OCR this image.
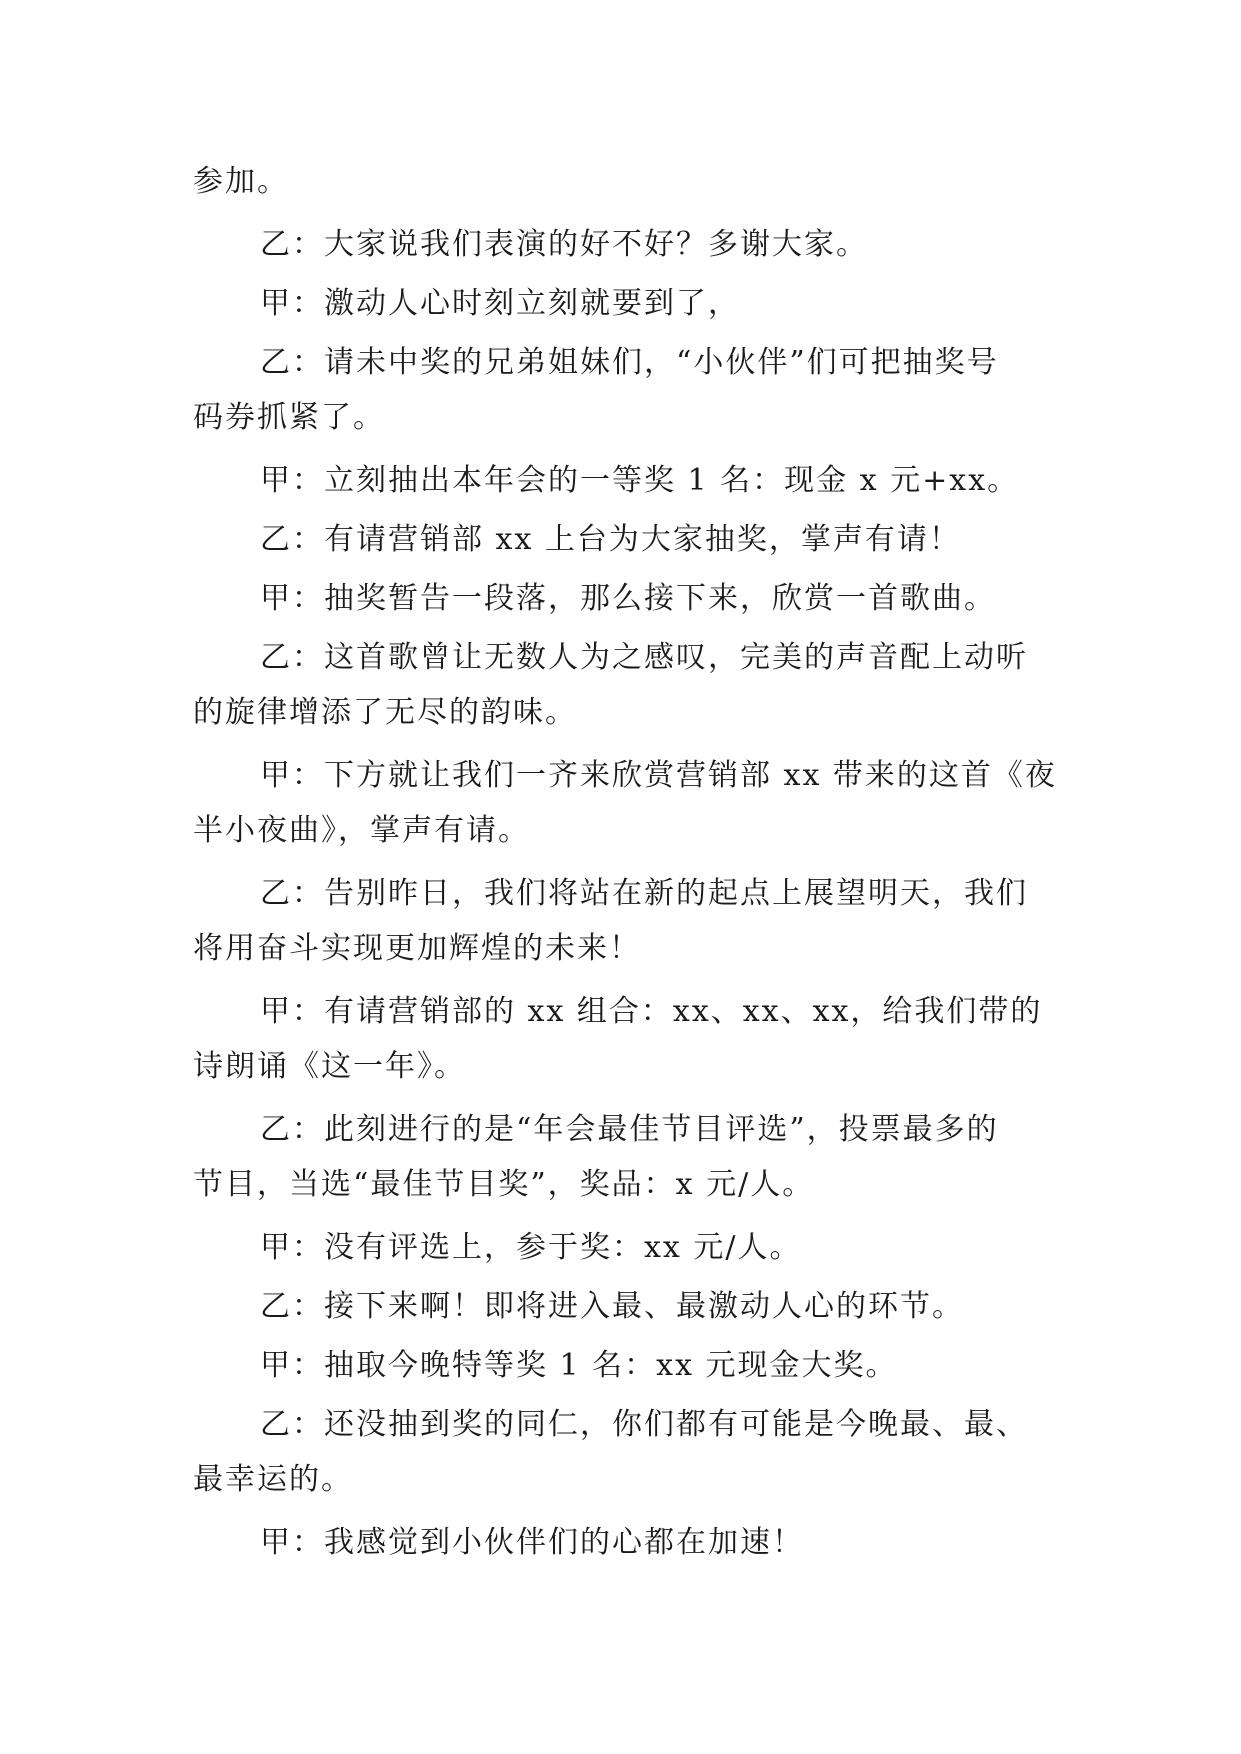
参加。
乙：大家说我们表演的好不好？多谢大家。
甲：激动人心时刻立刻就要到了，
乙：请未中奖的兄弟姐妹们，“小伙伴”们可把抽奖号
码券抓紧了。
甲：立刻抽出本年会的一等奖 1 名：现金 x 元+xx。
乙：有请营销部 xx 上台为大家抽奖，掌声有请！
甲：抽奖暂告一段落，那么接下来，欣赏一首歌曲。
乙：这首歌曾让无数人为之感叹，完美的声音配上动听
的旋律增添了无尽的韵味。
甲：下方就让我们一齐来欣赏营销部 xx 带来的这首《夜
半小夜曲》，掌声有请。
乙：告别昨日，我们将站在新的起点上展望明天，我们
将用奋斗实现更加辉煌的未来！
甲：有请营销部的 xx 组合：xx、xx、xx，给我们带的
诗朗诵《这一年》。
乙：此刻进行的是“年会最佳节目评选”，投票最多的
节目，当选“最佳节目奖”，奖品：x 元/人。
甲：没有评选上，参于奖：xx 元/人。
乙：接下来啊！即将进入最、最激动人心的环节。
甲：抽取今晚特等奖 1 名：xx 元现金大奖。
乙：还没抽到奖的同仁，你们都有可能是今晚最、最、
最幸运的。
甲：我感觉到小伙伴们的心都在加速！
